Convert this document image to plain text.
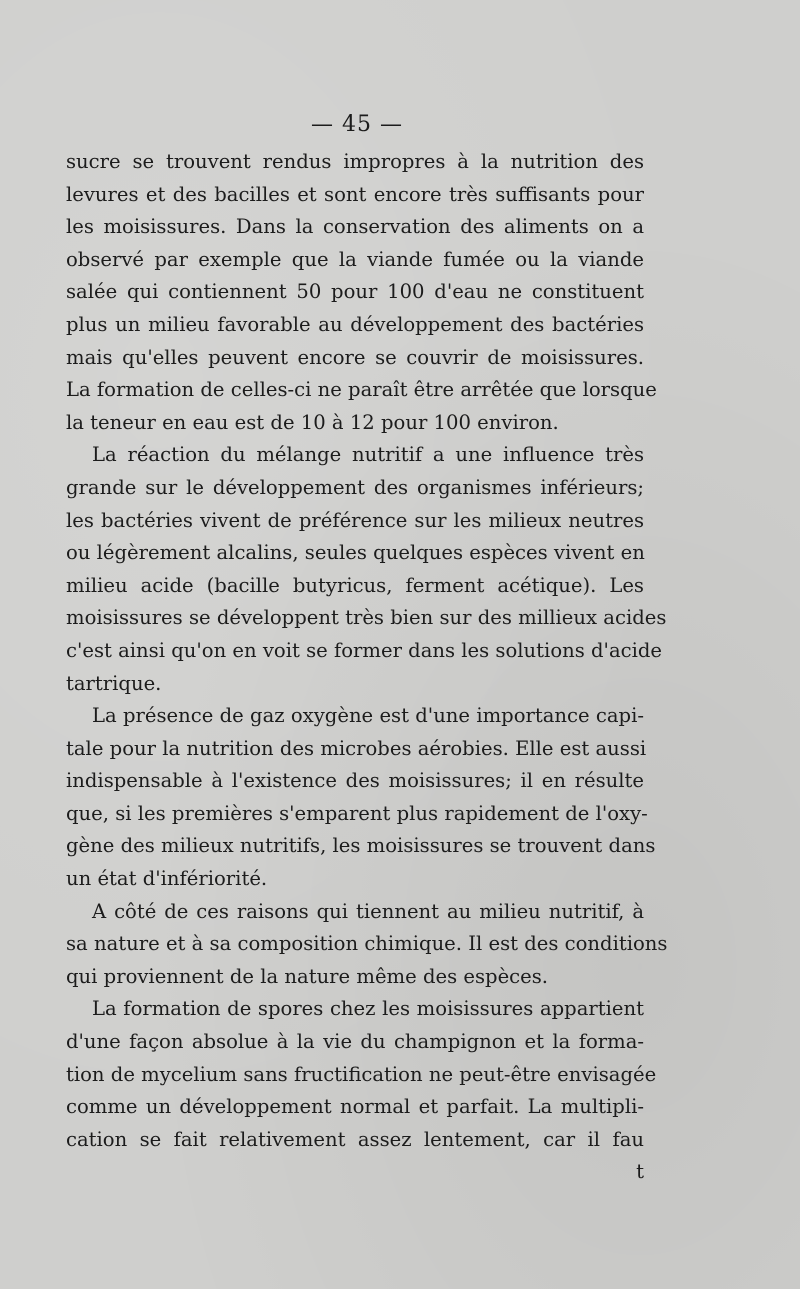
— 45 —

sucre se trouvent rendus impropres à la nutrition des
levures et des bacilles et sont encore très suffisants pour
les moisissures. Dans la conservation des aliments on a
observé par exemple que la viande fumée ou la viande
salée qui contiennent 50 pour 100 d'eau ne constituent
plus un milieu favorable au développement des bactéries
mais qu'elles peuvent encore se couvrir de moisissures.
La formation de celles-ci ne paraît être arrêtée que lorsque
la teneur en eau est de 10 à 12 pour 100 environ.

La réaction du mélange nutritif a une influence très
grande sur le développement des organismes inférieurs;
les bactéries vivent de préférence sur les milieux neutres
ou légèrement alcalins, seules quelques espèces vivent en
milieu acide (bacille butyricus, ferment acétique). Les
moisissures se développent très bien sur des millieux acides
c'est ainsi qu'on en voit se former dans les solutions d'acide
tartrique.

La présence de gaz oxygène est d'une importance capi-
tale pour la nutrition des microbes aérobies. Elle est aussi
indispensable à l'existence des moisissures; il en résulte
que, si les premières s'emparent plus rapidement de l'oxy-
gène des milieux nutritifs, les moisissures se trouvent dans
un état d'infériorité.

A côté de ces raisons qui tiennent au milieu nutritif, à
sa nature et à sa composition chimique. Il est des conditions
qui proviennent de la nature même des espèces.

La formation de spores chez les moisissures appartient
d'une façon absolue à la vie du champignon et la forma-
tion de mycelium sans fructification ne peut-être envisagée
comme un développement normal et parfait. La multipli-
cation se fait relativement assez lentement, car il fau
t
